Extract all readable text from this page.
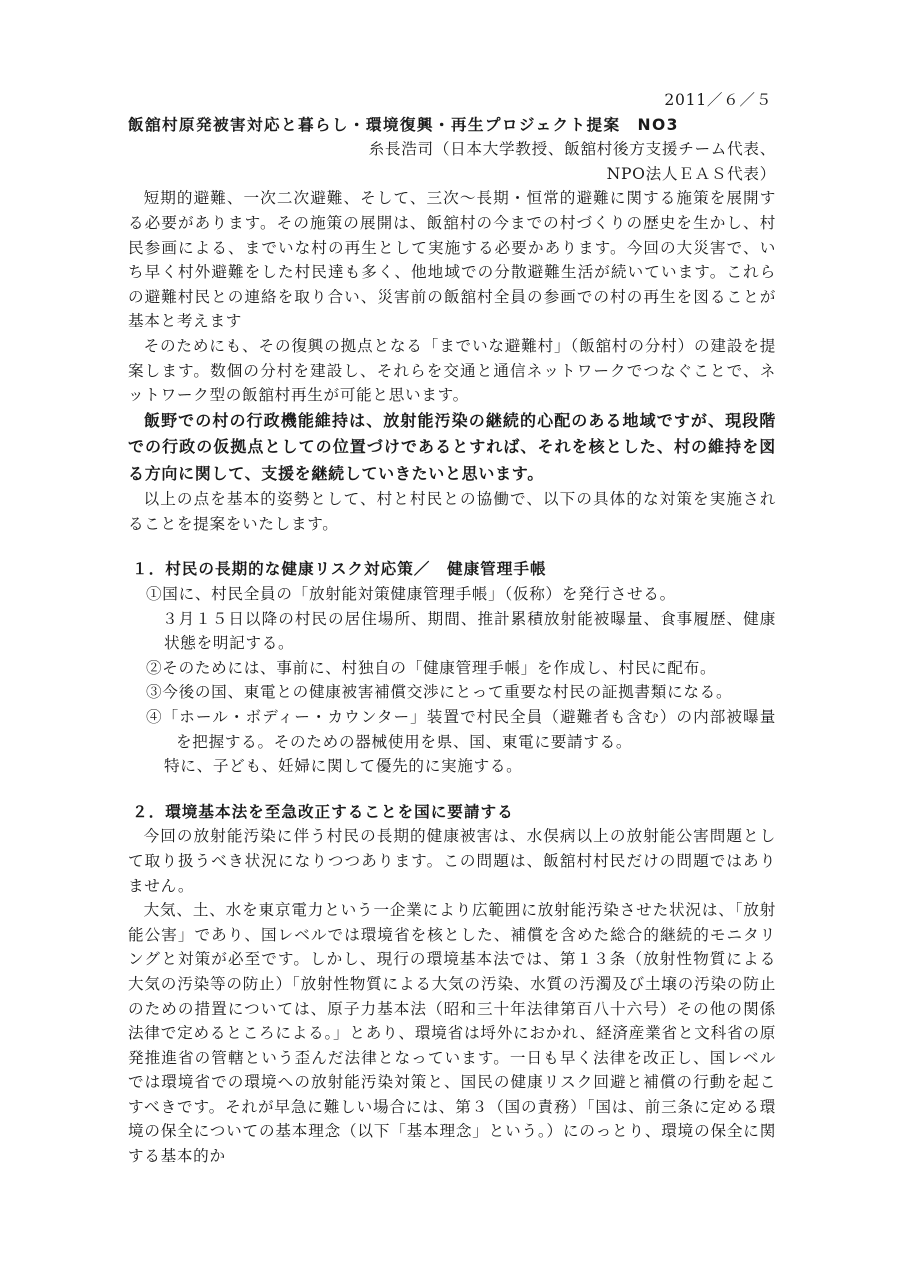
2011／６／５

飯舘村原発被害対応と暮らし・環境復興・再生プロジェクト提案　NO3

糸長浩司（日本大学教授、飯舘村後方支援チーム代表、

NPO法人ＥＡＳ代表）

短期的避難、一次二次避難、そして、三次〜長期・恒常的避難に関する施策を展開する必要があります。その施策の展開は、飯舘村の今までの村づくりの歴史を生かし、村民参画による、までいな村の再生として実施する必要かあります。今回の大災害で、いち早く村外避難をした村民達も多く、他地域での分散避難生活が続いています。これらの避難村民との連絡を取り合い、災害前の飯舘村全員の参画での村の再生を図ることが基本と考えます

そのためにも、その復興の拠点となる「までいな避難村」（飯舘村の分村）の建設を提案します。数個の分村を建設し、それらを交通と通信ネットワークでつなぐことで、ネットワーク型の飯舘村再生が可能と思います。

飯野での村の行政機能維持は、放射能汚染の継続的心配のある地域ですが、現段階での行政の仮拠点としての位置づけであるとすれば、それを核とした、村の維持を図る方向に関して、支援を継続していきたいと思います。

以上の点を基本的姿勢として、村と村民との協働で、以下の具体的な対策を実施されることを提案をいたします。

１．村民の長期的な健康リスク対応策／　健康管理手帳

①国に、村民全員の「放射能対策健康管理手帳」（仮称）を発行させる。

３月１５日以降の村民の居住場所、期間、推計累積放射能被曝量、食事履歴、健康状態を明記する。

②そのためには、事前に、村独自の「健康管理手帳」を作成し、村民に配布。

③今後の国、東電との健康被害補償交渉にとって重要な村民の証拠書類になる。

④「ホール・ボディー・カウンター」装置で村民全員（避難者も含む）の内部被曝量を把握する。そのための器械使用を県、国、東電に要請する。

特に、子ども、妊婦に関して優先的に実施する。

２．環境基本法を至急改正することを国に要請する

今回の放射能汚染に伴う村民の長期的健康被害は、水俣病以上の放射能公害問題として取り扱うべき状況になりつつあります。この問題は、飯舘村村民だけの問題ではありません。

大気、土、水を東京電力という一企業により広範囲に放射能汚染させた状況は、「放射能公害」であり、国レベルでは環境省を核とした、補償を含めた総合的継続的モニタリングと対策が必至です。しかし、現行の環境基本法では、第１３条（放射性物質による大気の汚染等の防止）「放射性物質による大気の汚染、水質の汚濁及び土壌の汚染の防止のための措置については、原子力基本法（昭和三十年法律第百八十六号）その他の関係法律で定めるところによる。」とあり、環境省は埒外におかれ、経済産業省と文科省の原発推進省の管轄という歪んだ法律となっています。一日も早く法律を改正し、国レベルでは環境省での環境への放射能汚染対策と、国民の健康リスク回避と補償の行動を起こすべきです。それが早急に難しい場合には、第３（国の責務）「国は、前三条に定める環境の保全についての基本理念（以下「基本理念」という。）にのっとり、環境の保全に関する基本的か
